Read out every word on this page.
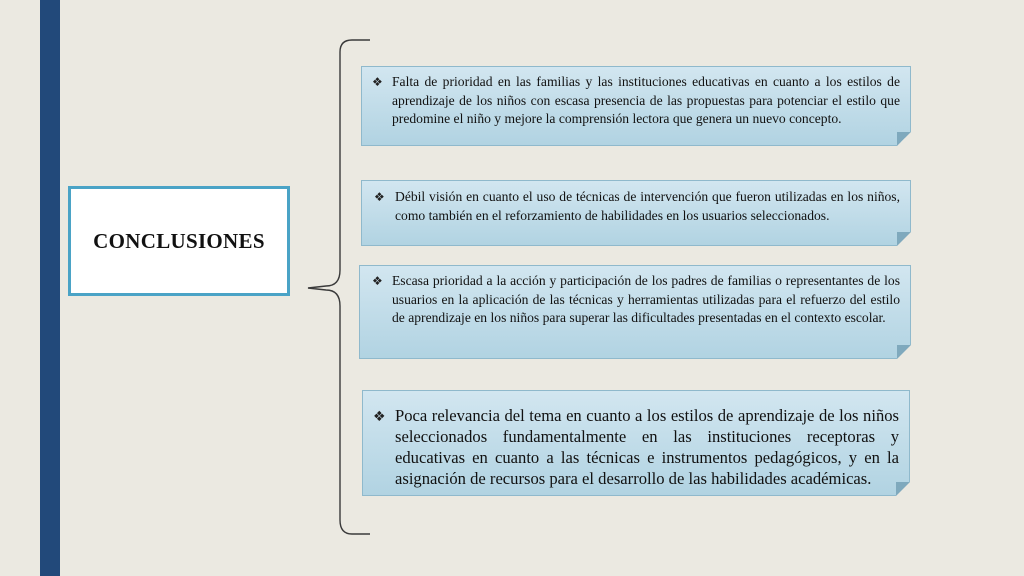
CONCLUSIONES
❖ Falta de prioridad en las familias y las instituciones educativas en cuanto a los estilos de aprendizaje de los niños con escasa presencia de las propuestas para potenciar el estilo que predomine el niño y mejore la comprensión lectora que genera un nuevo concepto.
❖ Débil visión en cuanto el uso de técnicas de intervención que fueron utilizadas en los niños, como también en el reforzamiento de habilidades en los usuarios seleccionados.
❖ Escasa prioridad a la acción y participación de los padres de familias o representantes de los usuarios en la aplicación de las técnicas y herramientas utilizadas para el refuerzo del estilo de aprendizaje en los niños para superar las dificultades presentadas en el contexto escolar.
❖ Poca relevancia del tema en cuanto a los estilos de aprendizaje de los niños seleccionados fundamentalmente en las instituciones receptoras y educativas en cuanto a las técnicas e instrumentos pedagógicos, y en la asignación de recursos para el desarrollo de las habilidades académicas.
